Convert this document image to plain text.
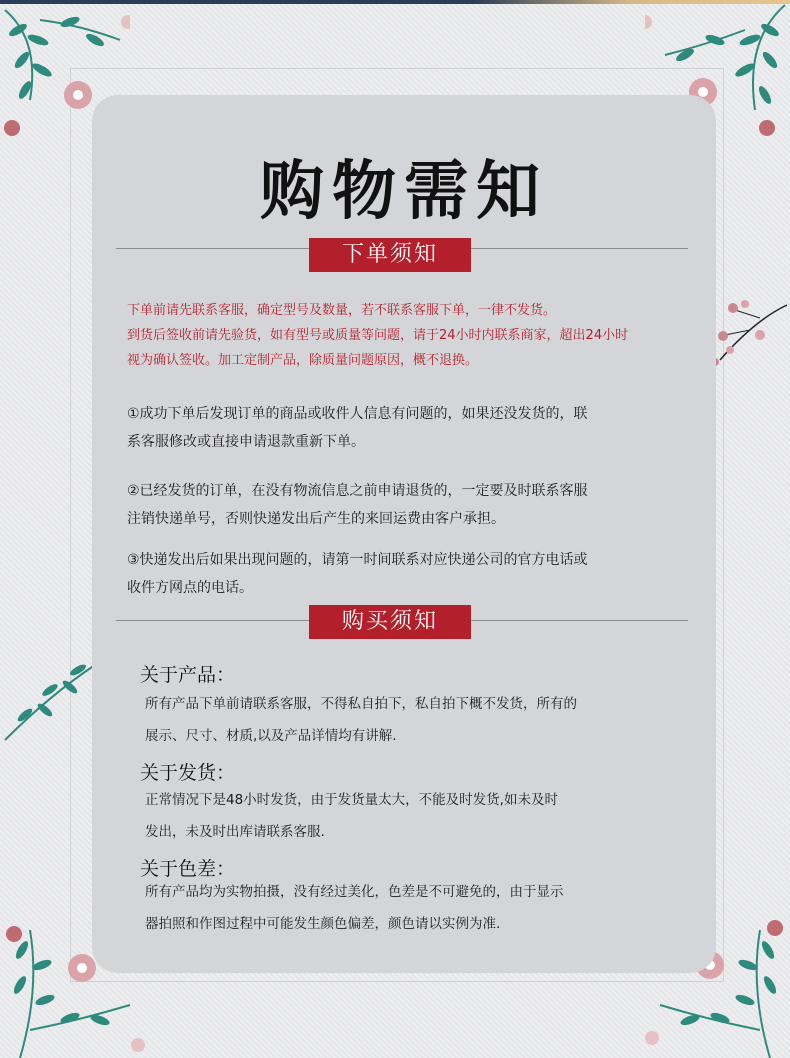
购物需知
下单须知
下单前请先联系客服，确定型号及数量，若不联系客服下单，一律不发货。
到货后签收前请先验货，如有型号或质量等问题，请于24小时内联系商家，超出24小时
视为确认签收。加工定制产品，除质量问题原因，概不退换。
①成功下单后发现订单的商品或收件人信息有问题的，如果还没发货的，联
系客服修改或直接申请退款重新下单。
②已经发货的订单，在没有物流信息之前申请退货的，一定要及时联系客服
注销快递单号，否则快递发出后产生的来回运费由客户承担。
③快递发出后如果出现问题的，请第一时间联系对应快递公司的官方电话或
收件方网点的电话。
购买须知
关于产品：
所有产品下单前请联系客服，不得私自拍下，私自拍下概不发货，所有的
展示、尺寸、材质,以及产品详情均有讲解.
关于发货：
正常情况下是48小时发货，由于发货量太大，不能及时发货,如未及时
发出，未及时出库请联系客服.
关于色差：
所有产品均为实物拍摄，没有经过美化，色差是不可避免的，由于显示
器拍照和作图过程中可能发生颜色偏差，颜色请以实例为准.
